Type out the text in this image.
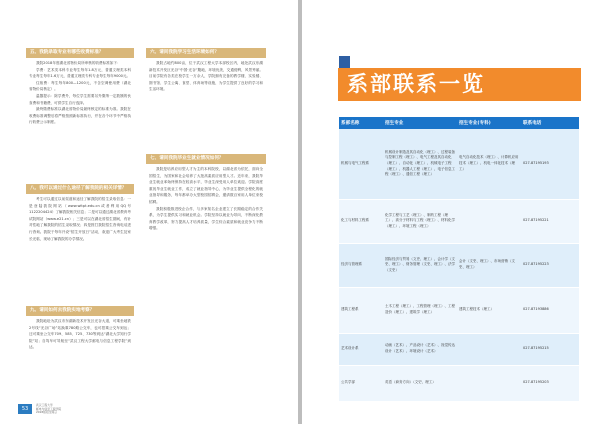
五、我院录取专业有哪些收费标准？

我院2018年度湖北省物价局所审核的收费标准如下：

学费：艺术类本科专业每生每年1.8万元，普通文理类本科专业每生每年1.6万元，普通文理类专科专业每生每年9000元。

住宿费：每生每年800—1200元，不含空调使用费（湖北省物价局核定）。

温馨提示：除学费外，每位学生需要另外缴纳一定数额的伙食费和书籍费，可供学生自行选择。

最终缴费标准以湖北省物价局最终核定的标准为准。我院在收费标准调整后将严格按照新标准执行，并在各个环节中严格执行收费公示制度。

八、我可以通过什么途径了解我院的相关详情？

考生可以通过以前渠道和途径了解我院的招生录取信息：一是登陆我院网站（www.witpt.edu.cn或者利用QQ号1122204424）了解我院相关信息；二是可以通过湖北省教育考试院网站（www.e21.cn）；三是可以在湖北省招生期间，有针对性地了解我院的招生录取情况；四是拨打我院招生咨询电话进行咨询。我院于每年开设“招生开放日”活动，欢迎广大考生及家长光临，现场了解我院的办学情况。

九、请问如何去我院实地考察？

我院地址为武汉市东湖新技术开发区光谷大道，可乘坐地铁2号线“光谷广场”站换乘780路公交车，也可搭乘公交车到达；还可乘坐公交车709、585、725、730等到达“湖北大学知行学院”站；自驾车可导航至“武汉工程大学邮电与信息工程学院”到达。

六、请问我院学习生活环境如何？

我院占地约800亩，位于武汉工程大学本部校区内，地处武汉东湖新技术开发区光谷“中国·光谷”腹地，环境优美，交通便利，风景秀丽。目前学院有各类在校学生一万余人，学院拥有完备的教学楼、实验楼、图书馆、学生公寓、食堂、体育场等设施，为学生提供了良好的学习和生活环境。

七、请问我院毕业生就业情况如何？

我院是培养应用型人才为主的本科院校，以湖北省为依托，面向全国招生，为国家和社会培养了大批高素质应用型人才。近年来，我院毕业生就业率始终保持在较高水平，毕业生深受用人单位欢迎。学院高度重视毕业生就业工作，成立了就业指导中心，为毕业生提供全程化的就业指导和服务，每年都举办大型校园招聘会，邀请数百家用人单位来校招聘。

我院积极推进校企合作，与多家知名企业建立了长期稳定的合作关系，为学生提供实习和就业机会。学院坚持以就业为导向，不断深化教育教学改革，努力提高人才培养质量，学生综合素质和就业竞争力不断增强。

53
武汉工程大学
邮电与信息工程学院
2018版招生简章
系部联系一览
系部名称	招生专业	招生专业(专科)	联系电话
机械与电气工程系	机械设计制造及其自动化（理工）、过程装备与控制工程（理工）、电气工程及其自动化（理工）、自动化（理工）、机械电子工程（理工）、机器人工程（理工）、电子信息工程（理工）、通信工程（理工）	电气自动化技术（理工）、计算机应用技术（理工）、机电一体化技术（理工）	027-87195193
化工与材料工程系	化学工程与工艺（理工）、制药工程（理工）、高分子材料与工程（理工）、材料化学（理工）、环境工程（理工）		027-87195221
经济与管理系	国际经济与贸易（文史、理工）、会计学（文史、理工）、财务管理（文史、理工）、法学（文史）	会计（文史、理工）、市场营销（文史、理工）	027-87195223
建筑工程系	土木工程（理工）、工程管理（理工）、工程造价（理工）、建筑学（理工）	建筑工程技术（理工）	027-87193886
艺术设计系	动画（艺术）、产品设计（艺术）、视觉传达设计（艺术）、环境设计（艺术）		027-87195215
公共学部	英语（商务方向）（文史、理工）		027-87195203
